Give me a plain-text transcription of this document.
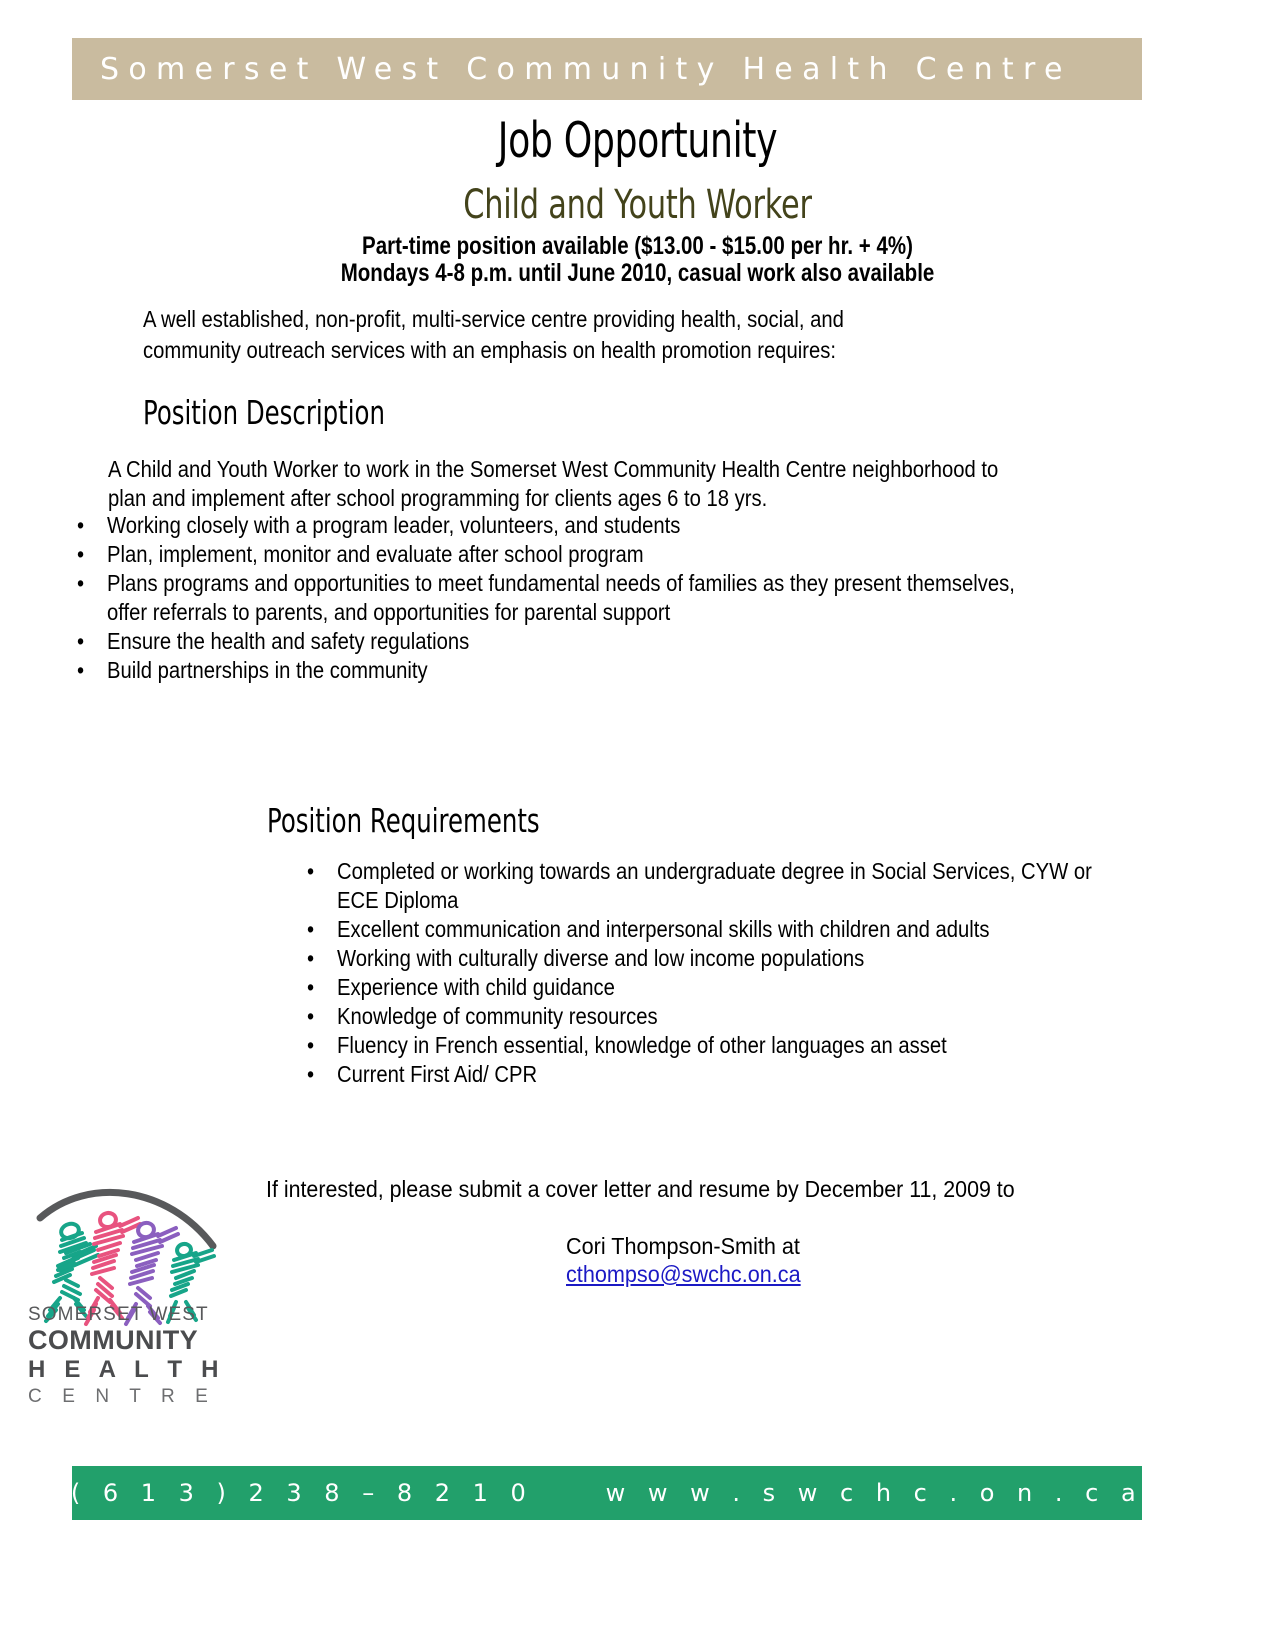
Somerset West Community Health Centre
Job Opportunity
Child and Youth Worker
Part-time position available ($13.00 - $15.00 per hr. + 4%)
Mondays 4-8 p.m. until June 2010, casual work also available
A well established, non-profit, multi-service centre providing health, social, and community outreach services with an emphasis on health promotion requires:
Position Description
A Child and Youth Worker to work in the Somerset West Community Health Centre neighborhood to plan and implement after school programming for clients ages 6 to 18 yrs.
• Working closely with a program leader, volunteers, and students
• Plan, implement, monitor and evaluate after school program
• Plans programs and opportunities to meet fundamental needs of families as they present themselves, offer referrals to parents, and opportunities for parental support
• Ensure the health and safety regulations
• Build partnerships in the community
Position Requirements
• Completed or working towards an undergraduate degree in Social Services, CYW or ECE Diploma
• Excellent communication and interpersonal skills with children and adults
• Working with culturally diverse and low income populations
• Experience with child guidance
• Knowledge of community resources
• Fluency in French essential, knowledge of other languages an asset
• Current First Aid/ CPR
If interested, please submit a cover letter and resume by December 11, 2009 to
Cori Thompson-Smith at
cthompso@swchc.on.ca
SOMERSET WEST
COMMUNITY
H E A L T H
C E N T R E
( 6 1 3 ) 2 3 8 – 8 2 1 0	w w w . s w c h c . o n . c a
